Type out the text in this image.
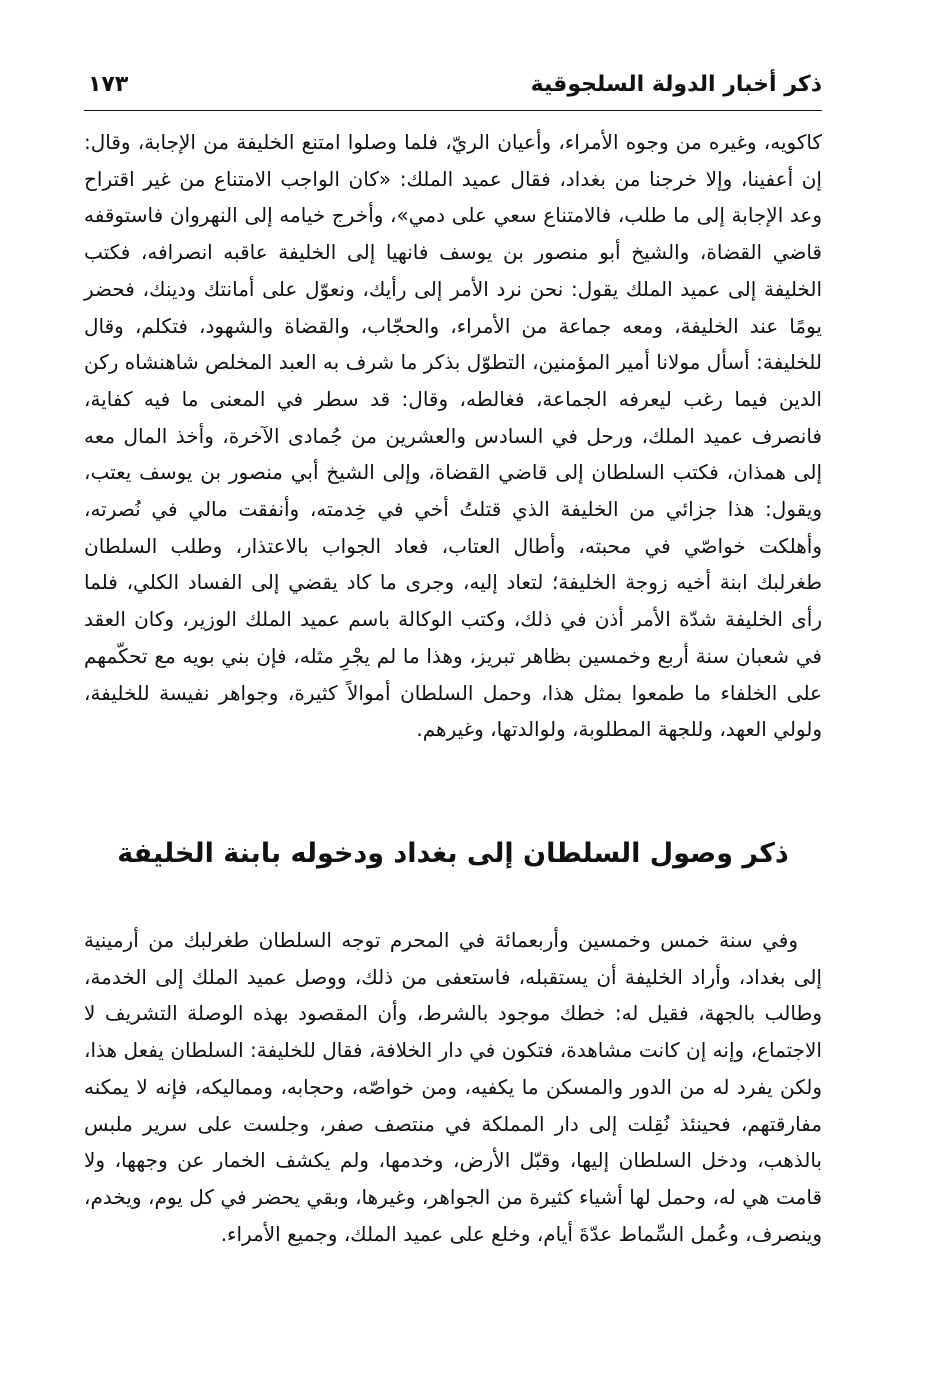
ذكر أخبار الدولة السلجوقية
١٧٣

كاكويه، وغيره من وجوه الأمراء، وأعيان الريّ، فلما وصلوا امتنع الخليفة من الإجابة، وقال: إن أعفينا، وإلا خرجنا من بغداد، فقال عميد الملك: «كان الواجب الامتناع من غير اقتراح وعد الإجابة إلى ما طلب، فالامتناع سعي على دمي»، وأخرج خيامه إلى النهروان فاستوقفه قاضي القضاة، والشيخ أبو منصور بن يوسف فانهيا إلى الخليفة عاقبه انصرافه، فكتب الخليفة إلى عميد الملك يقول: نحن نرد الأمر إلى رأيك، ونعوّل على أمانتك ودينك، فحضر يومًا عند الخليفة، ومعه جماعة من الأمراء، والحجّاب، والقضاة والشهود، فتكلم، وقال للخليفة: أسأل مولانا أمير المؤمنين، التطوّل بذكر ما شرف به العبد المخلص شاهنشاه ركن الدين فيما رغب ليعرفه الجماعة، فغالطه، وقال: قد سطر في المعنى ما فيه كفاية، فانصرف عميد الملك، ورحل في السادس والعشرين من جُمادى الآخرة، وأخذ المال معه إلى همذان، فكتب السلطان إلى قاضي القضاة، وإلى الشيخ أبي منصور بن يوسف يعتب، ويقول: هذا جزائي من الخليفة الذي قتلتُ أخي في خِدمته، وأنفقت مالي في نُصرته، وأهلكت خواصّي في محبته، وأطال العتاب، فعاد الجواب بالاعتذار، وطلب السلطان طغرلبك ابنة أخيه زوجة الخليفة؛ لتعاد إليه، وجرى ما كاد يقضي إلى الفساد الكلي، فلما رأى الخليفة شدّة الأمر أذن في ذلك، وكتب الوكالة باسم عميد الملك الوزير، وكان العقد في شعبان سنة أربع وخمسين بظاهر تبريز، وهذا ما لم يجْرِ مثله، فإن بني بويه مع تحكّمهم على الخلفاء ما طمعوا بمثل هذا، وحمل السلطان أموالاً كثيرة، وجواهر نفيسة للخليفة، ولولي العهد، وللجهة المطلوبة، ولوالدتها، وغيرهم.

ذكر وصول السلطان إلى بغداد ودخوله بابنة الخليفة

وفي سنة خمس وخمسين وأربعمائة في المحرم توجه السلطان طغرلبك من أرمينية إلى بغداد، وأراد الخليفة أن يستقبله، فاستعفى من ذلك، ووصل عميد الملك إلى الخدمة، وطالب بالجهة، فقيل له: خطك موجود بالشرط، وأن المقصود بهذه الوصلة التشريف لا الاجتماع، وإنه إن كانت مشاهدة، فتكون في دار الخلافة، فقال للخليفة: السلطان يفعل هذا، ولكن يفرد له من الدور والمسكن ما يكفيه، ومن خواصّه، وحجابه، ومماليكه، فإنه لا يمكنه مفارقتهم، فحينئذ نُقِلت إلى دار المملكة في منتصف صفر، وجلست على سرير ملبس بالذهب، ودخل السلطان إليها، وقبّل الأرض، وخدمها، ولم يكشف الخمار عن وجهها، ولا قامت هي له، وحمل لها أشياء كثيرة من الجواهر، وغيرها، وبقي يحضر في كل يوم، ويخدم، وينصرف، وعُمل السِّماط عدّةَ أيام، وخلع على عميد الملك، وجميع الأمراء.
